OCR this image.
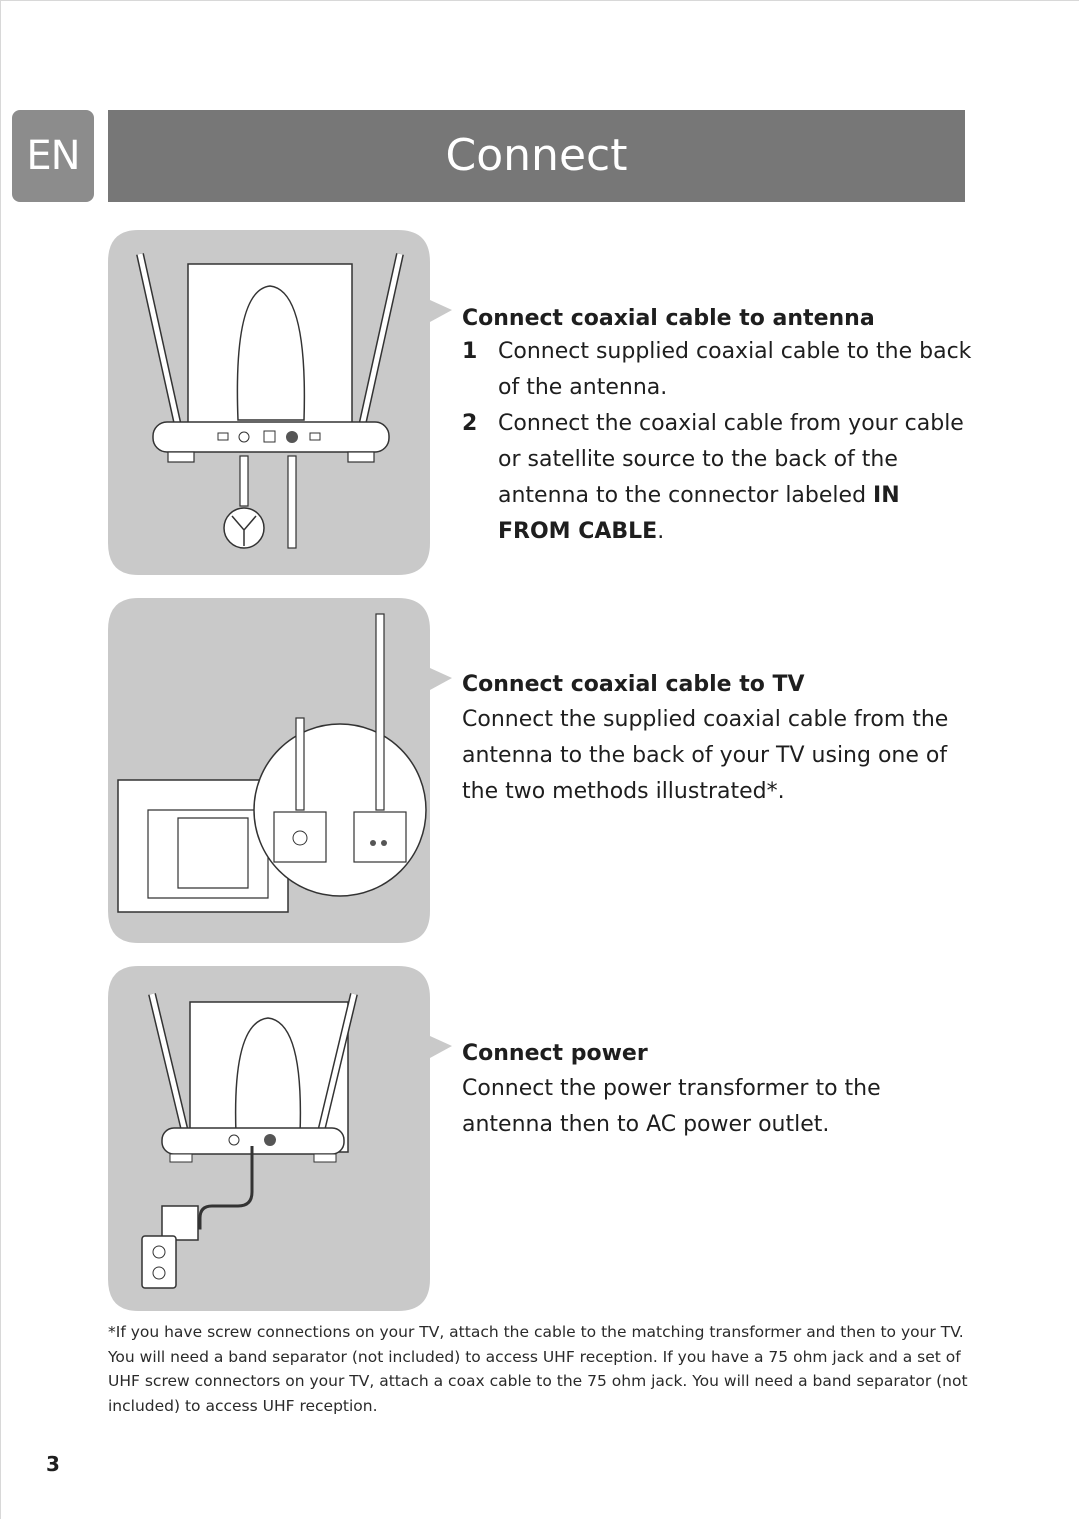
EN	Connect
Connect coaxial cable to antenna
1 Connect supplied coaxial cable to the back of the antenna.
2 Connect the coaxial cable from your cable or satellite source to the back of the antenna to the connector labeled IN FROM CABLE.
Connect coaxial cable to TV

Connect the supplied coaxial cable from the antenna to the back of your TV using one of the two methods illustrated*.

Connect power

Connect the power transformer to the antenna then to AC power outlet.

*If you have screw connections on your TV, attach the cable to the matching transformer and then to your TV. You will need a band separator (not included) to access UHF reception. If you have a 75 ohm jack and a set of UHF screw connectors on your TV, attach a coax cable to the 75 ohm jack. You will need a band separator (not included) to access UHF reception.
3
